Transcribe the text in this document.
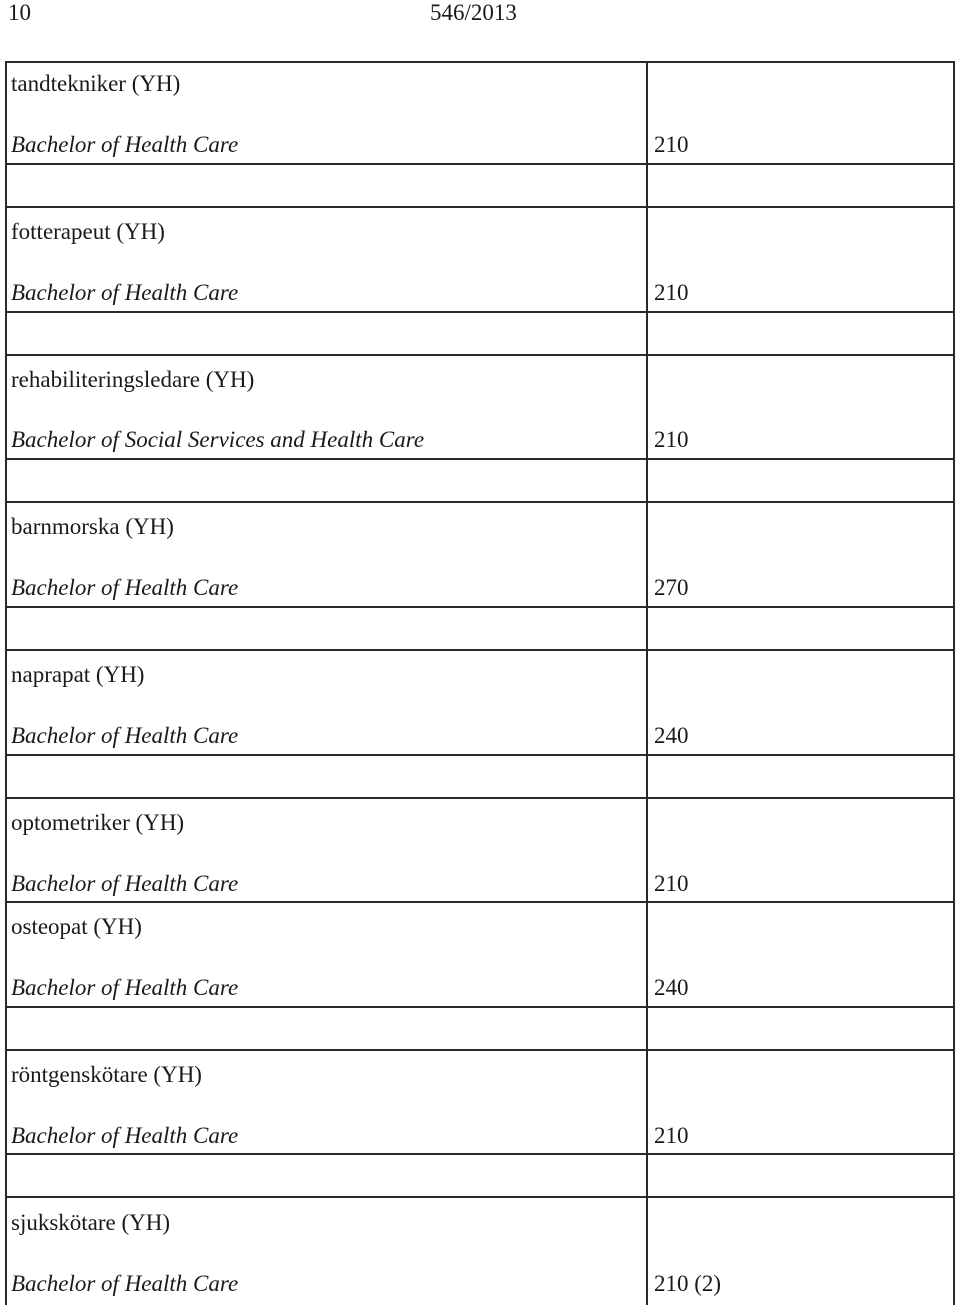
10	546/2013
tandtekniker (YH)
Bachelor of Health Care	210
fotterapeut (YH)
Bachelor of Health Care	210
rehabiliteringsledare (YH)
Bachelor of Social Services and Health Care	210
barnmorska (YH)
Bachelor of Health Care	270
naprapat (YH)
Bachelor of Health Care	240
optometriker (YH)
Bachelor of Health Care	210
osteopat (YH)
Bachelor of Health Care	240
röntgenskötare (YH)
Bachelor of Health Care	210
sjukskötare (YH)
Bachelor of Health Care	210 (2)
